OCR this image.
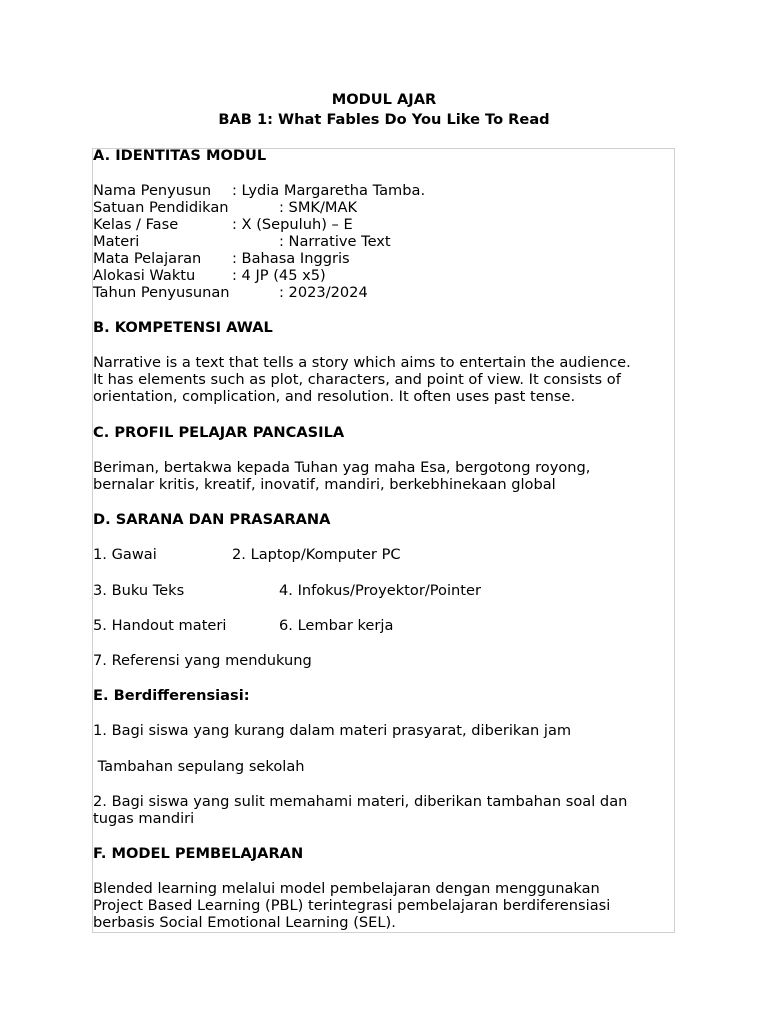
MODUL AJAR
BAB 1: What Fables Do You Like To Read
A. IDENTITAS MODUL
Nama Penyusun : Lydia Margaretha Tamba.
Satuan Pendidikan	: SMK/MAK
Kelas / Fase	: X (Sepuluh) – E
Materi	: Narrative Text
Mata Pelajaran : Bahasa Inggris
Alokasi Waktu	: 4 JP (45 x5)
Tahun Penyusunan	: 2023/2024
B. KOMPETENSI AWAL
Narrative is a text that tells a story which aims to entertain the audience.
It has elements such as plot, characters, and point of view. It consists of
orientation, complication, and resolution. It often uses past tense.
C. PROFIL PELAJAR PANCASILA
Beriman, bertakwa kepada Tuhan yag maha Esa, bergotong royong,
bernalar kritis, kreatif, inovatif, mandiri, berkebhinekaan global
D. SARANA DAN PRASARANA
1. Gawai	2. Laptop/Komputer PC
3. Buku Teks	4. Infokus/Proyektor/Pointer
5. Handout materi	6. Lembar kerja
7. Referensi yang mendukung
E. Berdifferensiasi:
1. Bagi siswa yang kurang dalam materi prasyarat, diberikan jam
Tambahan sepulang sekolah
2. Bagi siswa yang sulit memahami materi, diberikan tambahan soal dan
tugas mandiri
F. MODEL PEMBELAJARAN
Blended learning melalui model pembelajaran dengan menggunakan
Project Based Learning (PBL) terintegrasi pembelajaran berdiferensiasi
berbasis Social Emotional Learning (SEL).
